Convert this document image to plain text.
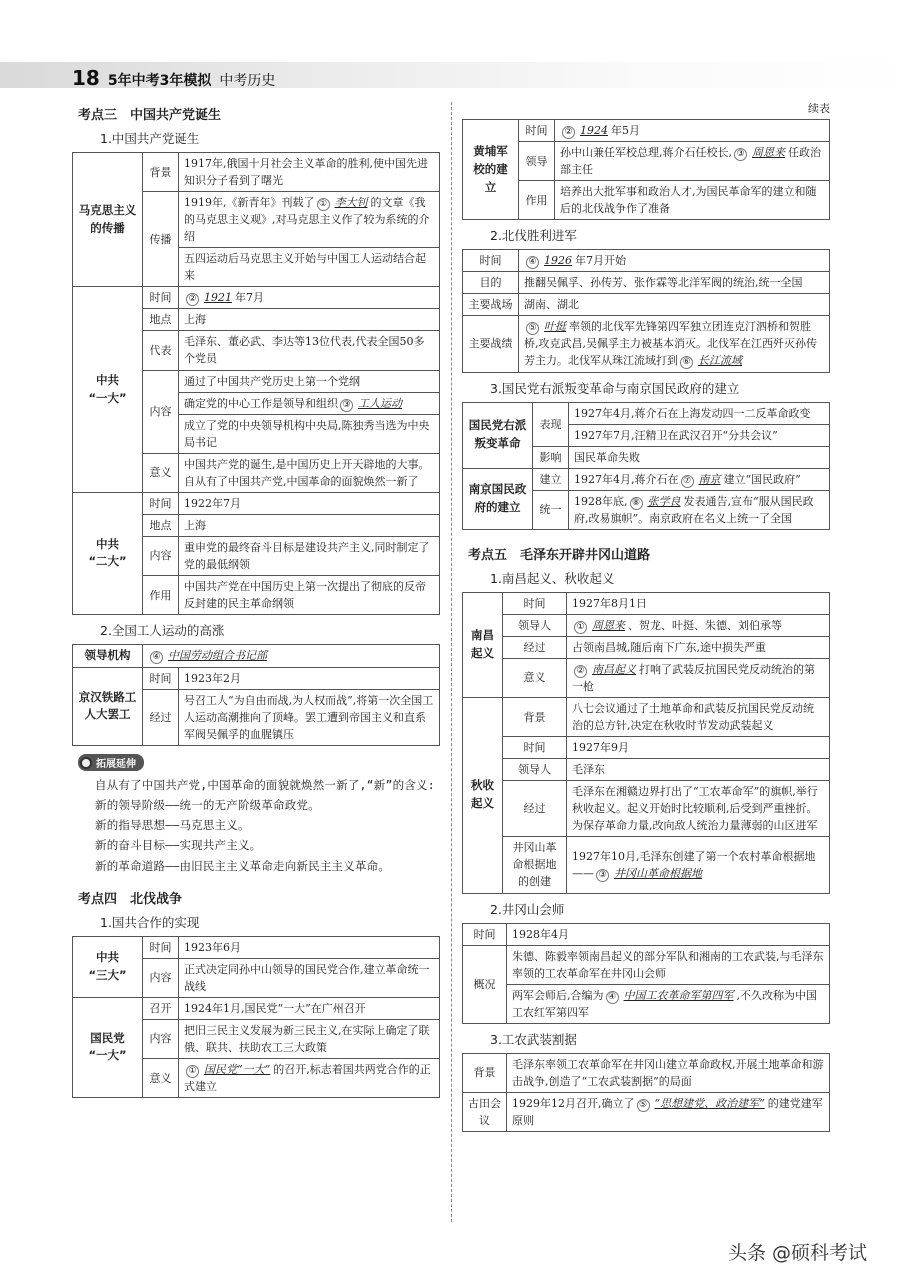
18 5年中考3年模拟 中考历史
考点三　中国共产党诞生
1.中国共产党诞生
马克思主义的传播	背景	1917年,俄国十月社会主义革命的胜利,使中国先进知识分子看到了曙光
	传播	1919年,《新青年》刊载了 ① 李大钊 的文章《我的马克思主义观》,对马克思主义作了较为系统的介绍
		五四运动后马克思主义开始与中国工人运动结合起来
中共
“一大”	时间	② 1921 年7月
	地点	上海
	代表	毛泽东、董必武、李达等13位代表,代表全国50多个党员
	内容	通过了中国共产党历史上第一个党纲
		确定党的中心工作是领导和组织 ③ 工人运动
		成立了党的中央领导机构中央局,陈独秀当选为中央局书记
	意义	中国共产党的诞生,是中国历史上开天辟地的大事。自从有了中国共产党,中国革命的面貌焕然一新了
中共
“二大”	时间	1922年7月
	地点	上海
	内容	重申党的最终奋斗目标是建设共产主义,同时制定了党的最低纲领
	作用	中国共产党在中国历史上第一次提出了彻底的反帝反封建的民主革命纲领
2.全国工人运动的高涨
领导机构	④ 中国劳动组合书记部	
京汉铁路工人大罢工	时间	1923年2月
	经过	号召工人“为自由而战,为人权而战”,将第一次全国工人运动高潮推向了顶峰。罢工遭到帝国主义和直系军阀吴佩孚的血腥镇压
拓展延伸

自从有了中国共产党,中国革命的面貌就焕然一新了,“新”的含义:

新的领导阶级——统一的无产阶级革命政党。

新的指导思想——马克思主义。

新的奋斗目标——实现共产主义。

新的革命道路——由旧民主主义革命走向新民主主义革命。

考点四　北伐战争
1.国共合作的实现
中共
“三大”	时间	1923年6月
	内容	正式决定同孙中山领导的国民党合作,建立革命统一战线
国民党
“一大”	召开	1924年1月,国民党“一大”在广州召开
	内容	把旧三民主义发展为新三民主义,在实际上确定了联俄、联共、扶助农工三大政策
	意义	① 国民党“一大” 的召开,标志着国共两党合作的正式建立
续表
黄埔军校的建立	时间	② 1924 年5月
	领导	孙中山兼任军校总理,蒋介石任校长, ③ 周恩来 任政治部主任
	作用	培养出大批军事和政治人才,为国民革命军的建立和随后的北伐战争作了准备
2.北伐胜利进军
时间	④ 1926 年7月开始
目的	推翻吴佩孚、孙传芳、张作霖等北洋军阀的统治,统一全国
主要战场	湖南、湖北
主要战绩	⑤ 叶挺 率领的北伐军先锋第四军独立团连克汀泗桥和贺胜桥,攻克武昌,吴佩孚主力被基本消灭。北伐军在江西歼灭孙传芳主力。北伐军从珠江流域打到 ⑥ 长江流域
3.国民党右派叛变革命与南京国民政府的建立
国民党右派叛变革命	表现	1927年4月,蒋介石在上海发动四一二反革命政变
		1927年7月,汪精卫在武汉召开“分共会议”
	影响	国民革命失败
南京国民政府的建立	建立	1927年4月,蒋介石在 ⑦ 南京 建立“国民政府”
	统一	1928年底, ⑧ 张学良 发表通告,宣布“服从国民政府,改易旗帜”。南京政府在名义上统一了全国
考点五　毛泽东开辟井冈山道路
1.南昌起义、秋收起义
南昌起义	时间	1927年8月1日
	领导人	① 周恩来 、贺龙、叶挺、朱德、刘伯承等
	经过	占领南昌城,随后南下广东,途中损失严重
	意义	② 南昌起义 打响了武装反抗国民党反动统治的第一枪
秋收起义	背景	八七会议通过了土地革命和武装反抗国民党反动统治的总方针,决定在秋收时节发动武装起义
	时间	1927年9月
	领导人	毛泽东
	经过	毛泽东在湘赣边界打出了“工农革命军”的旗帜,举行秋收起义。起义开始时比较顺利,后受到严重挫折。为保存革命力量,改向敌人统治力量薄弱的山区进军
	井冈山革命根据地的创建	1927年10月,毛泽东创建了第一个农村革命根据地—— ③ 井冈山革命根据地
2.井冈山会师
时间	1928年4月
概况	朱德、陈毅率领南昌起义的部分军队和湘南的工农武装,与毛泽东率领的工农革命军在井冈山会师
	两军会师后,合编为 ④ 中国工农革命军第四军 ,不久改称为中国工农红军第四军
3.工农武装割据
背景	毛泽东率领工农革命军在井冈山建立革命政权,开展土地革命和游击战争,创造了“工农武装割据”的局面
古田会议	1929年12月召开,确立了 ⑤ “思想建党、政治建军” 的建党建军原则
头条 @硕科考试
